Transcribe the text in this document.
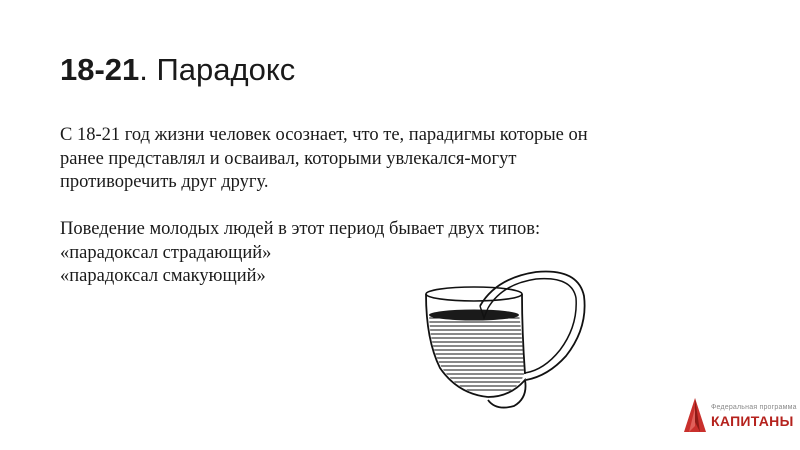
18-21. Парадокс

С 18-21 год жизни человек осознает, что те, парадигмы которые он

ранее представлял и осваивал, которыми увлекался-могут

противоречить друг другу.

Поведение молодых людей в этот период бывает двух типов:

«парадоксал страдающий»

«парадоксал смакующий»

Федеральная программа
КАПИТАНЫ
